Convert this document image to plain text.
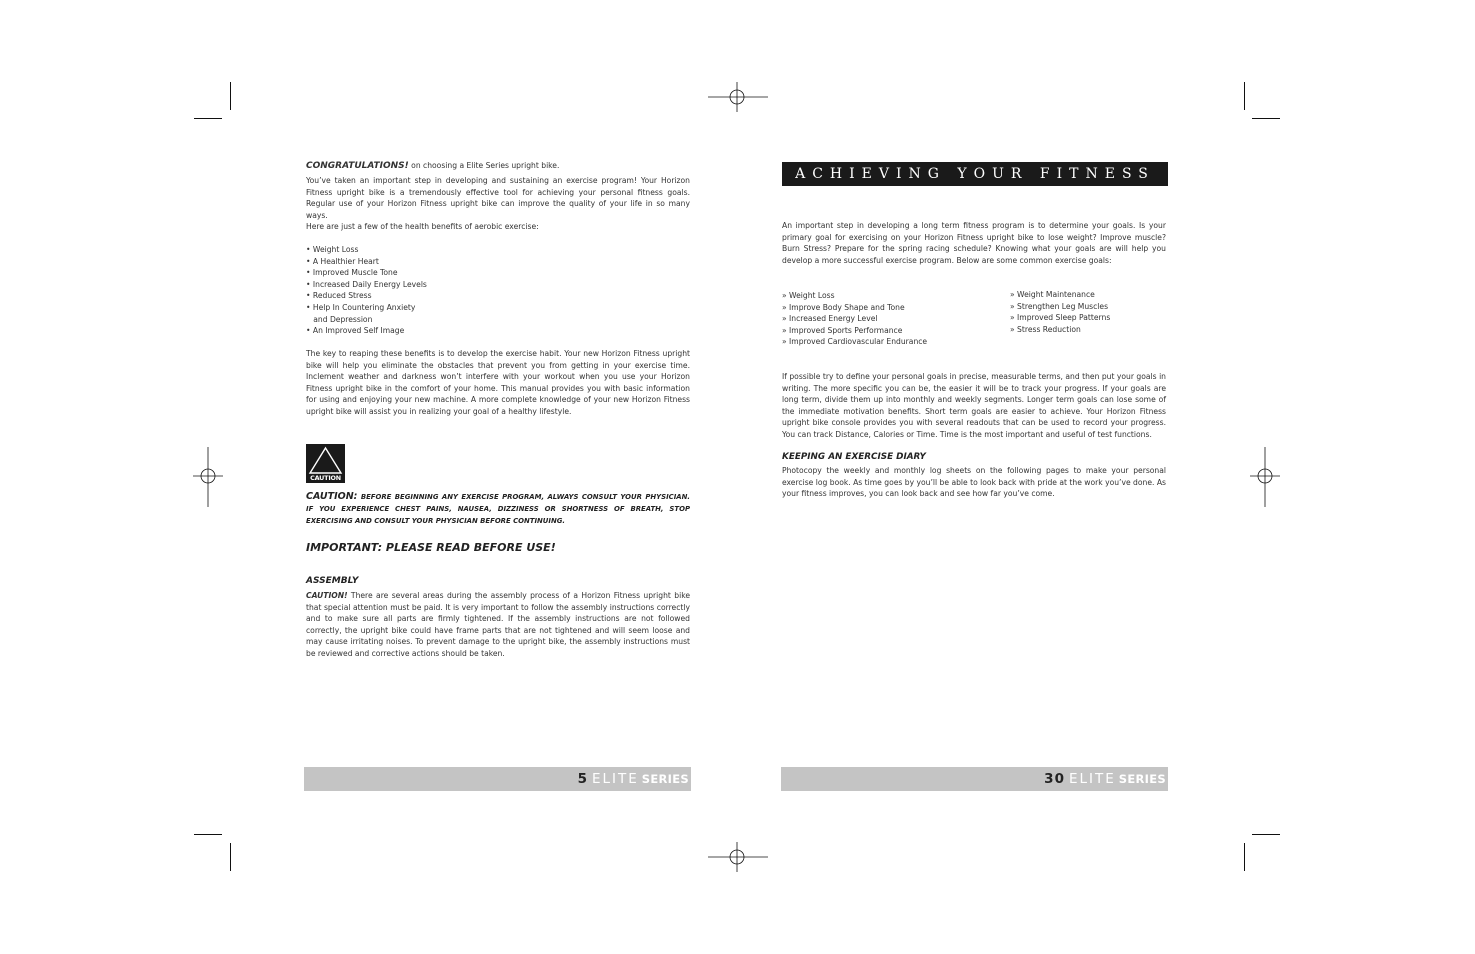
CONGRATULATIONS! on choosing a Elite Series upright bike.

You’ve taken an important step in developing and sustaining an exercise program! Your Horizon Fitness upright bike is a tremendously effective tool for achieving your personal fitness goals. Regular use of your Horizon Fitness upright bike can improve the quality of your life in so many ways.

Here are just a few of the health benefits of aerobic exercise:

• Weight Loss
• A Healthier Heart
• Improved Muscle Tone
• Increased Daily Energy Levels
• Reduced Stress
• Help In Countering Anxiety
and Depression
• An Improved Self Image

The key to reaping these benefits is to develop the exercise habit. Your new Horizon Fitness upright bike will help you eliminate the obstacles that prevent you from getting in your exercise time. Inclement weather and darkness won’t interfere with your workout when you use your Horizon Fitness upright bike in the comfort of your home. This manual provides you with basic information for using and enjoying your new machine. A more complete knowledge of your new Horizon Fitness upright bike will assist you in realizing your goal of a healthy lifestyle.

CAUTION

CAUTION: BEFORE BEGINNING ANY EXERCISE PROGRAM, ALWAYS CONSULT YOUR PHYSICIAN. IF YOU EXPERIENCE CHEST PAINS, NAUSEA, DIZZINESS OR SHORTNESS OF BREATH, STOP EXERCISING AND CONSULT YOUR PHYSICIAN BEFORE CONTINUING.

IMPORTANT: PLEASE READ BEFORE USE!
ASSEMBLY

CAUTION! There are several areas during the assembly process of a Horizon Fitness upright bike that special attention must be paid. It is very important to follow the assembly instructions correctly and to make sure all parts are firmly tightened. If the assembly instructions are not followed correctly, the upright bike could have frame parts that are not tightened and will seem loose and may cause irritating noises. To prevent damage to the upright bike, the assembly instructions must be reviewed and corrective actions should be taken.

5 ELITE SERIES
ACHIEVING YOUR FITNESS GOALS

An important step in developing a long term fitness program is to determine your goals. Is your primary goal for exercising on your Horizon Fitness upright bike to lose weight? Improve muscle? Burn Stress? Prepare for the spring racing schedule? Knowing what your goals are will help you develop a more successful exercise program. Below are some common exercise goals:

» Weight Loss
» Improve Body Shape and Tone
» Increased Energy Level
» Improved Sports Performance
» Improved Cardiovascular Endurance
» Weight Maintenance
» Strengthen Leg Muscles
» Improved Sleep Patterns
» Stress Reduction

If possible try to define your personal goals in precise, measurable terms, and then put your goals in writing. The more specific you can be, the easier it will be to track your progress. If your goals are long term, divide them up into monthly and weekly segments. Longer term goals can lose some of the immediate motivation benefits. Short term goals are easier to achieve. Your Horizon Fitness upright bike console provides you with several readouts that can be used to record your progress. You can track Distance, Calories or Time. Time is the most important and useful of test functions.

KEEPING AN EXERCISE DIARY

Photocopy the weekly and monthly log sheets on the following pages to make your personal exercise log book. As time goes by you’ll be able to look back with pride at the work you’ve done. As your fitness improves, you can look back and see how far you’ve come.

30 ELITE SERIES
